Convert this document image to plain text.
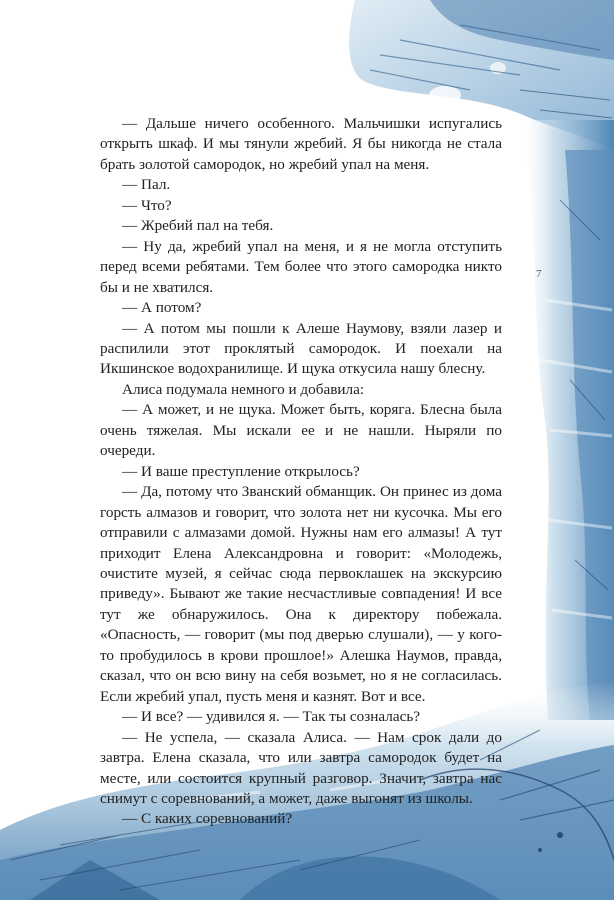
— Дальше ничего особенного. Мальчишки испугались открыть шкаф. И мы тянули жребий. Я бы никогда не стала брать золотой самородок, но жребий упал на меня.

— Пал.

— Что?

— Жребий пал на тебя.

— Ну да, жребий упал на меня, и я не могла отступить перед всеми ребятами. Тем более что этого самородка никто бы и не хватился.

— А потом?

— А потом мы пошли к Алеше Наумову, взяли лазер и распилили этот проклятый самородок. И поехали на Икшинское водохранилище. И щука откусила нашу блесну.

Алиса подумала немного и добавила:

— А может, и не щука. Может быть, коряга. Блесна была очень тяжелая. Мы искали ее и не нашли. Ныряли по очереди.

— И ваше преступление открылось?

— Да, потому что Званский обманщик. Он принес из дома горсть алмазов и говорит, что золота нет ни кусочка. Мы его отправили с алмазами домой. Нужны нам его алмазы! А тут приходит Елена Александровна и говорит: «Молодежь, очистите музей, я сейчас сюда первоклашек на экскурсию приведу». Бывают же такие несчастливые совпадения! И все тут же обнаружилось. Она к директору побежала. «Опасность, — говорит (мы под дверью слушали), — у кого-то пробудилось в крови прошлое!» Алешка Наумов, правда, сказал, что он всю вину на себя возьмет, но я не согласилась. Если жребий упал, пусть меня и казнят. Вот и все.

— И все? — удивился я. — Так ты созналась?

— Не успела, — сказала Алиса. — Нам срок дали до завтра. Елена сказала, что или завтра самородок будет на месте, или состоится крупный разговор. Значит, завтра нас снимут с соревнований, а может, даже выгонят из школы.

— С каких соревнований?

7
